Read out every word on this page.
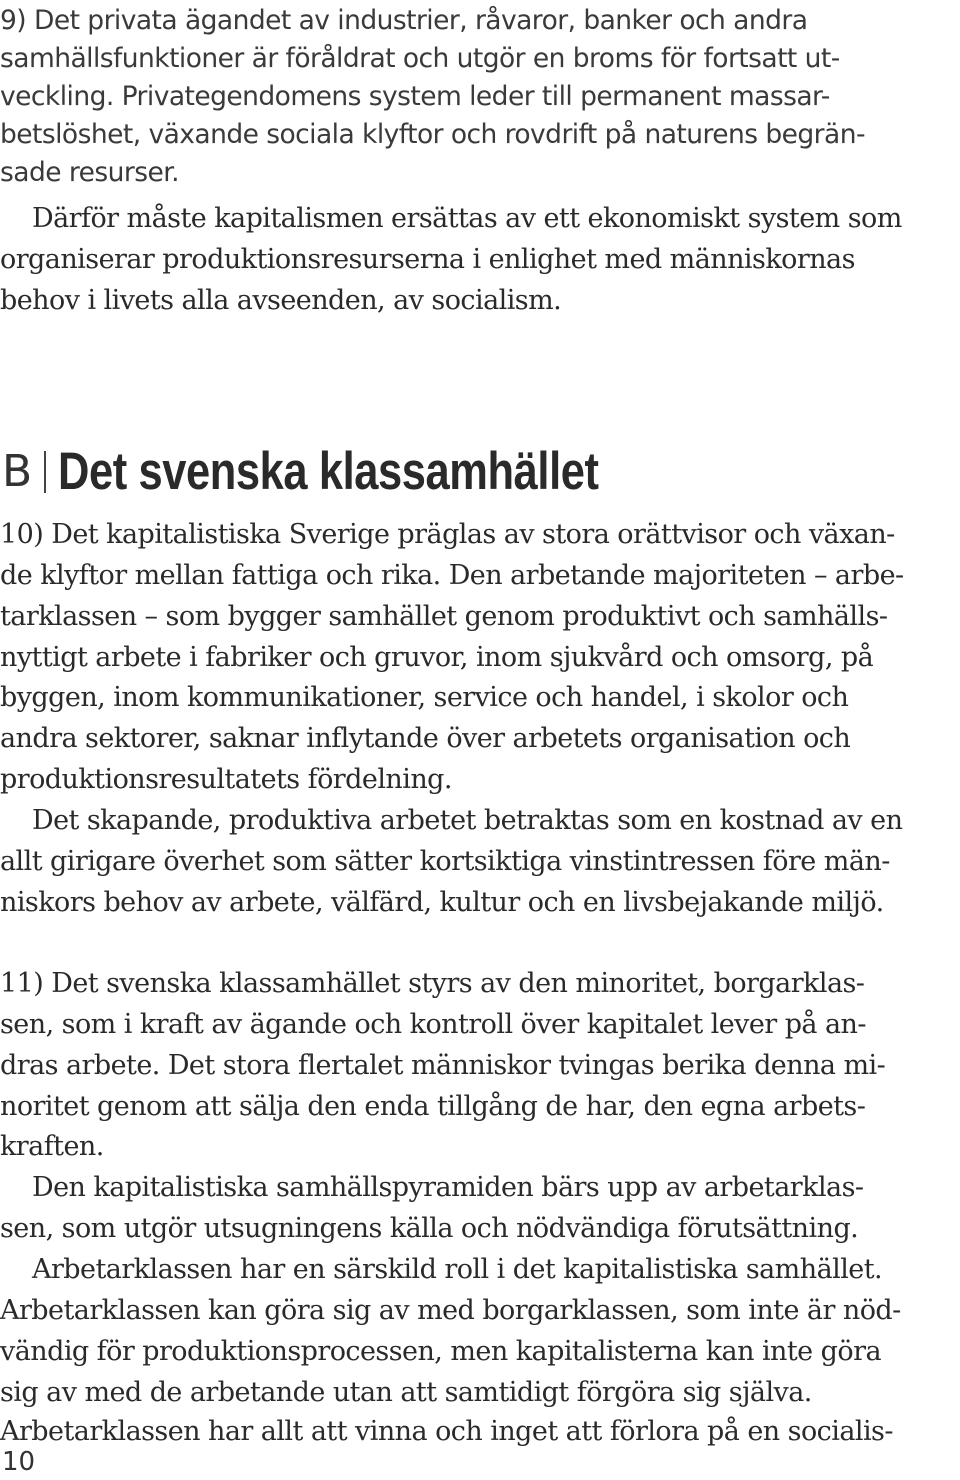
9) Det privata ägandet av industrier, råvaror, banker och andra
samhällsfunktioner är föråldrat och utgör en broms för fortsatt ut-
veckling. Privategendomens system leder till permanent massar-
betslöshet, växande sociala klyftor och rovdrift på naturens begrän-
sade resurser.
Därför måste kapitalismen ersättas av ett ekonomiskt system som
organiserar produktionsresurserna i enlighet med människornas
behov i livets alla avseenden, av socialism.
B Det svenska klassamhället
10) Det kapitalistiska Sverige präglas av stora orättvisor och växan-
de klyftor mellan fattiga och rika. Den arbetande majoriteten – arbe-
tarklassen – som bygger samhället genom produktivt och samhälls-
nyttigt arbete i fabriker och gruvor, inom sjukvård och omsorg, på
byggen, inom kommunikationer, service och handel, i skolor och
andra sektorer, saknar inflytande över arbetets organisation och
produktionsresultatets fördelning.
Det skapande, produktiva arbetet betraktas som en kostnad av en
allt girigare överhet som sätter kortsiktiga vinstintressen före män-
niskors behov av arbete, välfärd, kultur och en livsbejakande miljö.
11) Det svenska klassamhället styrs av den minoritet, borgarklas-
sen, som i kraft av ägande och kontroll över kapitalet lever på an-
dras arbete. Det stora flertalet människor tvingas berika denna mi-
noritet genom att sälja den enda tillgång de har, den egna arbets-
kraften.
Den kapitalistiska samhällspyramiden bärs upp av arbetarklas-
sen, som utgör utsugningens källa och nödvändiga förutsättning.
Arbetarklassen har en särskild roll i det kapitalistiska samhället.
Arbetarklassen kan göra sig av med borgarklassen, som inte är nöd-
vändig för produktionsprocessen, men kapitalisterna kan inte göra
sig av med de arbetande utan att samtidigt förgöra sig själva.
Arbetarklassen har allt att vinna och inget att förlora på en socialis-
10
